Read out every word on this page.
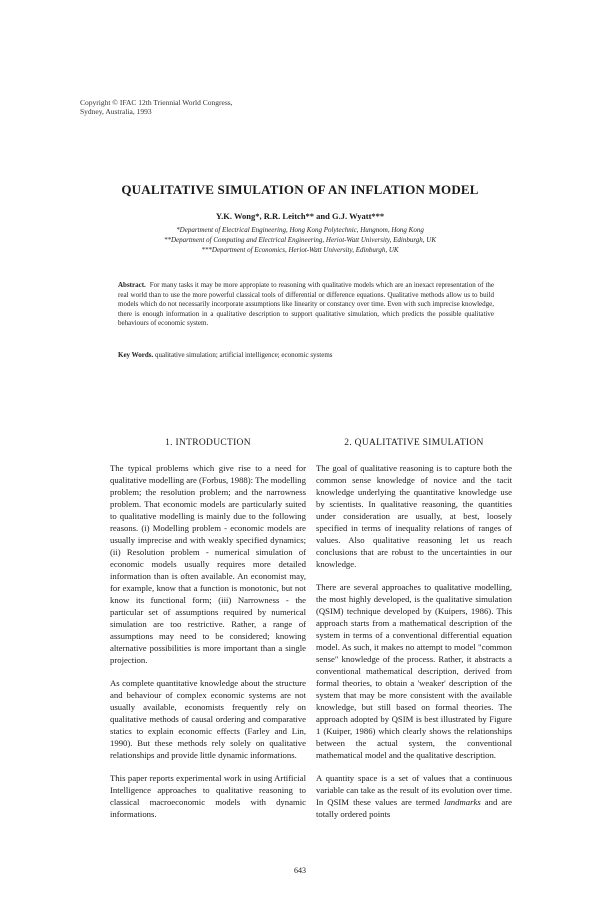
Copyright © IFAC 12th Triennial World Congress,
Sydney, Australia, 1993
QUALITATIVE SIMULATION OF AN INFLATION MODEL
Y.K. Wong*, R.R. Leitch** and G.J. Wyatt***
*Department of Electrical Engineering, Hong Kong Polytechnic, Hungnom, Hong Kong
**Department of Computing and Electrical Engineering, Heriot-Watt University, Edinburgh, UK
***Department of Economics, Heriot-Watt University, Edinburgh, UK
Abstract. For many tasks it may be more appropiate to reasoning with qualitative models which are an inexact representation of the real world than to use the more powerful classical tools of differential or difference equations. Qualitative methods allow us to build models which do not necessarily incorporate assumptions like linearity or constancy over time. Even with such imprecise knowledge, there is enough information in a qualitative description to support qualitative simulation, which predicts the possible qualitative behaviours of economic system.
Key Words. qualitative simulation; artificial intelligence; economic systems
1. INTRODUCTION	2. QUALITATIVE SIMULATION

The typical problems which give rise to a need for qualitative modelling are (Forbus, 1988): The modelling problem; the resolution problem; and the narrowness problem. That economic models are particularly suited to qualitative modelling is mainly due to the following reasons. (i) Modelling problem - economic models are usually imprecise and with weakly specified dynamics; (ii) Resolution problem - numerical simulation of economic models usually requires more detailed information than is often available. An economist may, for example, know that a function is monotonic, but not know its functional form; (iii) Narrowness - the particular set of assumptions required by numerical simulation are too restrictive. Rather, a range of assumptions may need to be considered; knowing alternative possibilities is more important than a single projection.

As complete quantitative knowledge about the structure and behaviour of complex economic systems are not usually available, economists frequently rely on qualitative methods of causal ordering and comparative statics to explain economic effects (Farley and Lin, 1990). But these methods rely solely on qualitative relationships and provide little dynamic informations.

This paper reports experimental work in using Artificial Intelligence approaches to qualitative reasoning to classical macroeconomic models with dynamic informations.

The goal of qualitative reasoning is to capture both the common sense knowledge of novice and the tacit knowledge underlying the quantitative knowledge use by scientists. In qualitative reasoning, the quantities under consideration are usually, at best, loosely specified in terms of inequality relations of ranges of values. Also qualitative reasoning let us reach conclusions that are robust to the uncertainties in our knowledge.

There are several approaches to qualitative modelling, the most highly developed, is the qualitative simulation (QSIM) technique developed by (Kuipers, 1986). This approach starts from a mathematical description of the system in terms of a conventional differential equation model. As such, it makes no attempt to model "common sense" knowledge of the process. Rather, it abstracts a conventional mathematical description, derived from formal theories, to obtain a 'weaker' description of the system that may be more consistent with the available knowledge, but still based on formal theories. The approach adopted by QSIM is best illustrated by Figure 1 (Kuiper, 1986) which clearly shows the relationships between the actual system, the conventional mathematical model and the qualitative description.

A quantity space is a set of values that a continuous variable can take as the result of its evolution over time. In QSIM these values are termed landmarks and are totally ordered points

643
